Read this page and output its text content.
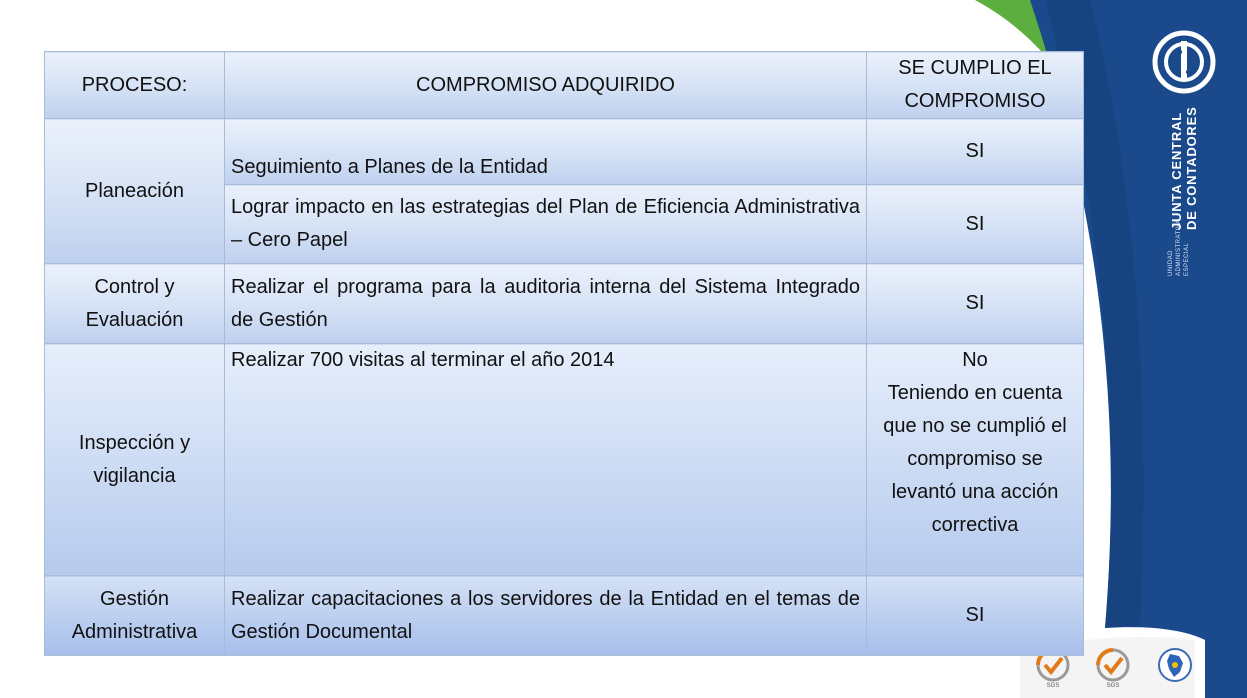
UNIDAD ADMINISTRATIVA ESPECIAL
JUNTA CENTRAL DE CONTADORES
SGS	SGS
PROCESO:	COMPROMISO ADQUIRIDO	SE CUMPLIO EL COMPROMISO
Planeación	Seguimiento a Planes de la Entidad	SI
	Lograr impacto en las estrategias del Plan de Eficiencia Administrativa – Cero Papel	SI
Control y Evaluación	Realizar el programa para la auditoria interna del Sistema Integrado de Gestión	SI
Inspección y vigilancia	Realizar 700 visitas al terminar el año 2014	No
Teniendo en cuenta que no se cumplió el compromiso se levantó una acción correctiva

Gestión Administrativa	Realizar capacitaciones a los servidores de la Entidad en el temas de Gestión Documental	SI
